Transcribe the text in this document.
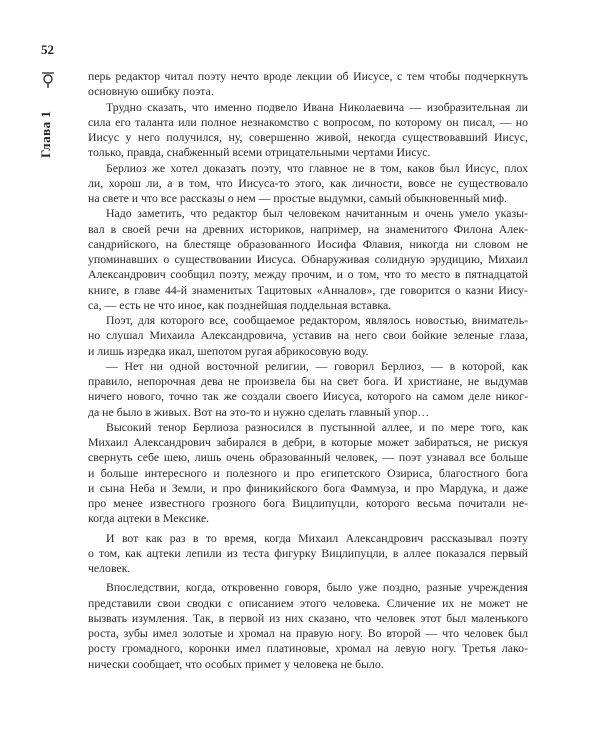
52
Глава 1
перь редактор читал поэту нечто вроде лекции об Иисусе, с тем чтобы подчеркнуть
основную ошибку поэта.
Трудно сказать, что именно подвело Ивана Николаевича — изобразительная ли
сила его таланта или полное незнакомство с вопросом, по которому он писал, — но
Иисус у него получился, ну, совершенно живой, некогда существовавший Иисус,
только, правда, снабженный всеми отрицательными чертами Иисус.
Берлиоз же хотел доказать поэту, что главное не в том, каков был Иисус, плох
ли, хорош ли, а в том, что Иисуса-то этого, как личности, вовсе не существовало
на свете и что все рассказы о нем — простые выдумки, самый обыкновенный миф.
Надо заметить, что редактор был человеком начитанным и очень умело указы-
вал в своей речи на древних историков, например, на знаменитого Филона Алек-
сандрийского, на блестяще образованного Иосифа Флавия, никогда ни словом не
упоминавших о существовании Иисуса. Обнаруживая солидную эрудицию, Михаил
Александрович сообщил поэту, между прочим, и о том, что то место в пятнадцатой
книге, в главе 44-й знаменитых Тацитовых «Анналов», где говорится о казни Иису-
са, — есть не что иное, как позднейшая поддельная вставка.
Поэт, для которого все, сообщаемое редактором, являлось новостью, вниматель-
но слушал Михаила Александровича, уставив на него свои бойкие зеленые глаза,
и лишь изредка икал, шепотом ругая абрикосовую воду.
— Нет ни одной восточной религии, — говорил Берлиоз, — в которой, как
правило, непорочная дева не произвела бы на свет бога. И христиане, не выдумав
ничего нового, точно так же создали своего Иисуса, которого на самом деле никог-
да не было в живых. Вот на это-то и нужно сделать главный упор…
Высокий тенор Берлиоза разносился в пустынной аллее, и по мере того, как
Михаил Александрович забирался в дебри, в которые может забираться, не рискуя
свернуть себе шею, лишь очень образованный человек, — поэт узнавал все больше
и больше интересного и полезного и про египетского Озириса, благостного бога
и сына Неба и Земли, и про финикийского бога Фаммуза, и про Мардука, и даже
про менее известного грозного бога Вицлипуцли, которого весьма почитали не-
когда ацтеки в Мексике.
И вот как раз в то время, когда Михаил Александрович рассказывал поэту
о том, как ацтеки лепили из теста фигурку Вицлипуцли, в аллее показался первый
человек.
Впоследствии, когда, откровенно говоря, было уже поздно, разные учреждения
представили свои сводки с описанием этого человека. Сличение их не может не
вызвать изумления. Так, в первой из них сказано, что человек этот был маленького
роста, зубы имел золотые и хромал на правую ногу. Во второй — что человек был
росту громадного, коронки имел платиновые, хромал на левую ногу. Третья лако-
нически сообщает, что особых примет у человека не было.
